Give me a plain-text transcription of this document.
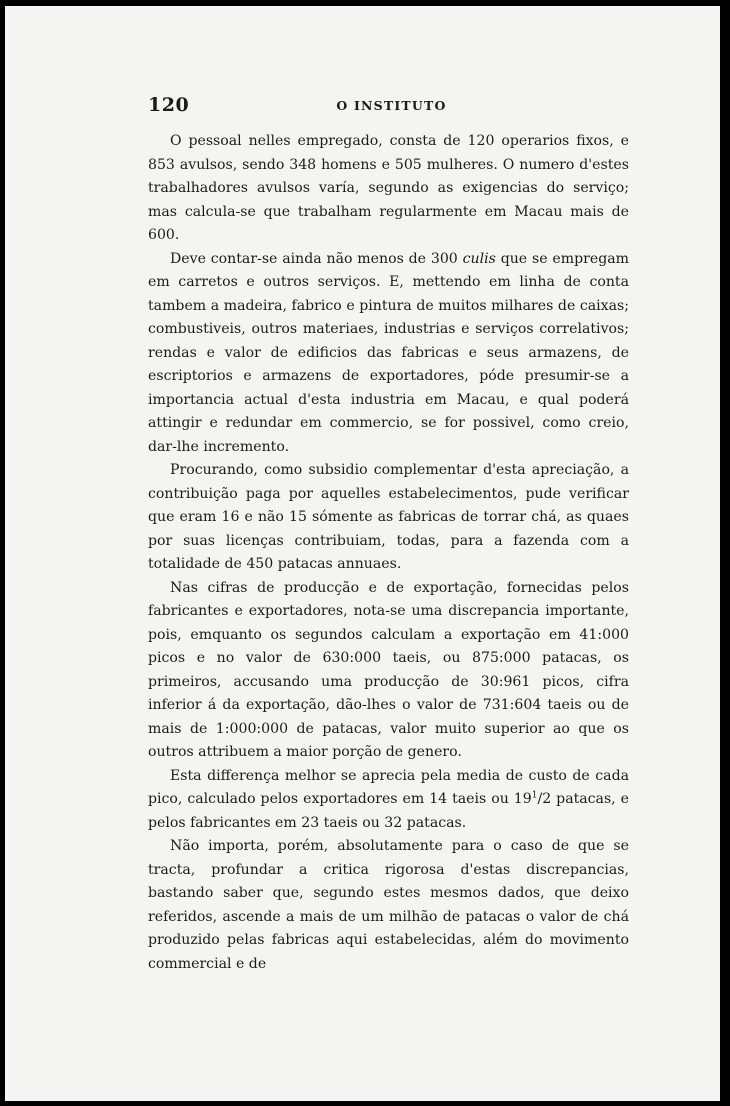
120	O INSTITUTO

O pessoal nelles empregado, consta de 120 operarios fixos, e 853 avulsos, sendo 348 homens e 505 mulheres. O numero d'estes trabalhadores avulsos varía, segundo as exigencias do serviço; mas calcula-se que trabalham regularmente em Macau mais de 600.

Deve contar-se ainda não menos de 300 culis que se empregam em carretos e outros serviços. E, mettendo em linha de conta tambem a madeira, fabrico e pintura de muitos milhares de caixas; combustiveis, outros materiaes, industrias e serviços correlativos; rendas e valor de edificios das fabricas e seus armazens, de escriptorios e armazens de exportadores, póde presumir-se a importancia actual d'esta industria em Macau, e qual poderá attingir e redundar em commercio, se for possivel, como creio, dar-lhe incremento.

Procurando, como subsidio complementar d'esta apreciação, a contribuição paga por aquelles estabelecimentos, pude verificar que eram 16 e não 15 sómente as fabricas de torrar chá, as quaes por suas licenças contribuiam, todas, para a fazenda com a totalidade de 450 patacas annuaes.

Nas cifras de producção e de exportação, fornecidas pelos fabricantes e exportadores, nota-se uma discrepancia importante, pois, emquanto os segundos calculam a exportação em 41:000 picos e no valor de 630:000 taeis, ou 875:000 patacas, os primeiros, accusando uma producção de 30:961 picos, cifra inferior á da exportação, dão-lhes o valor de 731:604 taeis ou de mais de 1:000:000 de patacas, valor muito superior ao que os outros attribuem a maior porção de genero.

Esta differença melhor se aprecia pela media de custo de cada pico, calculado pelos exportadores em 14 taeis ou $19^1/2$ patacas, e pelos fabricantes em 23 taeis ou 32 patacas.

Não importa, porém, absolutamente para o caso de que se tracta, profundar a critica rigorosa d'estas discrepancias, bastando saber que, segundo estes mesmos dados, que deixo referidos, ascende a mais de um milhão de patacas o valor de chá produzido pelas fabricas aqui estabelecidas, além do movimento commercial e de
